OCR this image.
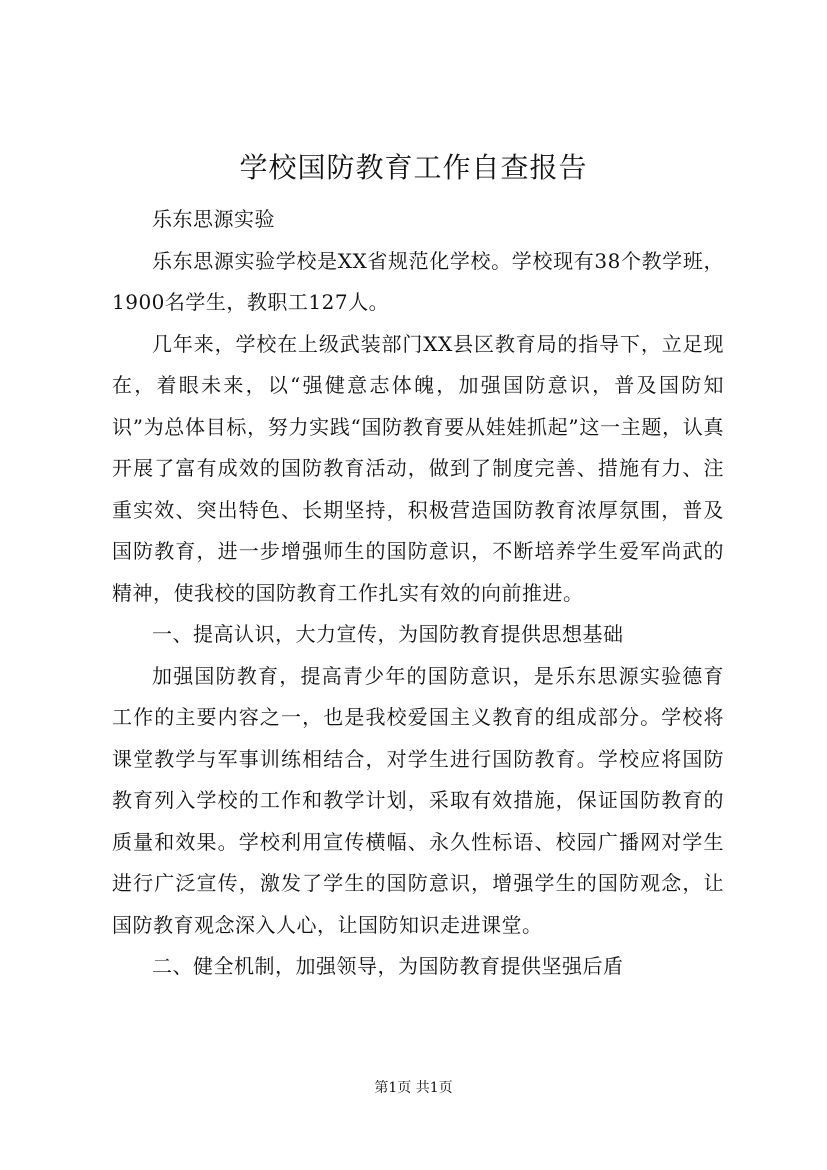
学校国防教育工作自查报告

乐东思源实验

乐东思源实验学校是XX省规范化学校。学校现有38个教学班，1900名学生，教职工127人。

几年来，学校在上级武装部门XX县区教育局的指导下，立足现在，着眼未来，以“强健意志体魄，加强国防意识，普及国防知识”为总体目标，努力实践“国防教育要从娃娃抓起”这一主题，认真开展了富有成效的国防教育活动，做到了制度完善、措施有力、注重实效、突出特色、长期坚持，积极营造国防教育浓厚氛围，普及国防教育，进一步增强师生的国防意识，不断培养学生爱军尚武的精神，使我校的国防教育工作扎实有效的向前推进。

一、提高认识，大力宣传，为国防教育提供思想基础

加强国防教育，提高青少年的国防意识，是乐东思源实验德育工作的主要内容之一，也是我校爱国主义教育的组成部分。学校将课堂教学与军事训练相结合，对学生进行国防教育。学校应将国防教育列入学校的工作和教学计划，采取有效措施，保证国防教育的质量和效果。学校利用宣传横幅、永久性标语、校园广播网对学生进行广泛宣传，激发了学生的国防意识，增强学生的国防观念，让国防教育观念深入人心，让国防知识走进课堂。

二、健全机制，加强领导，为国防教育提供坚强后盾

第1页 共1页
